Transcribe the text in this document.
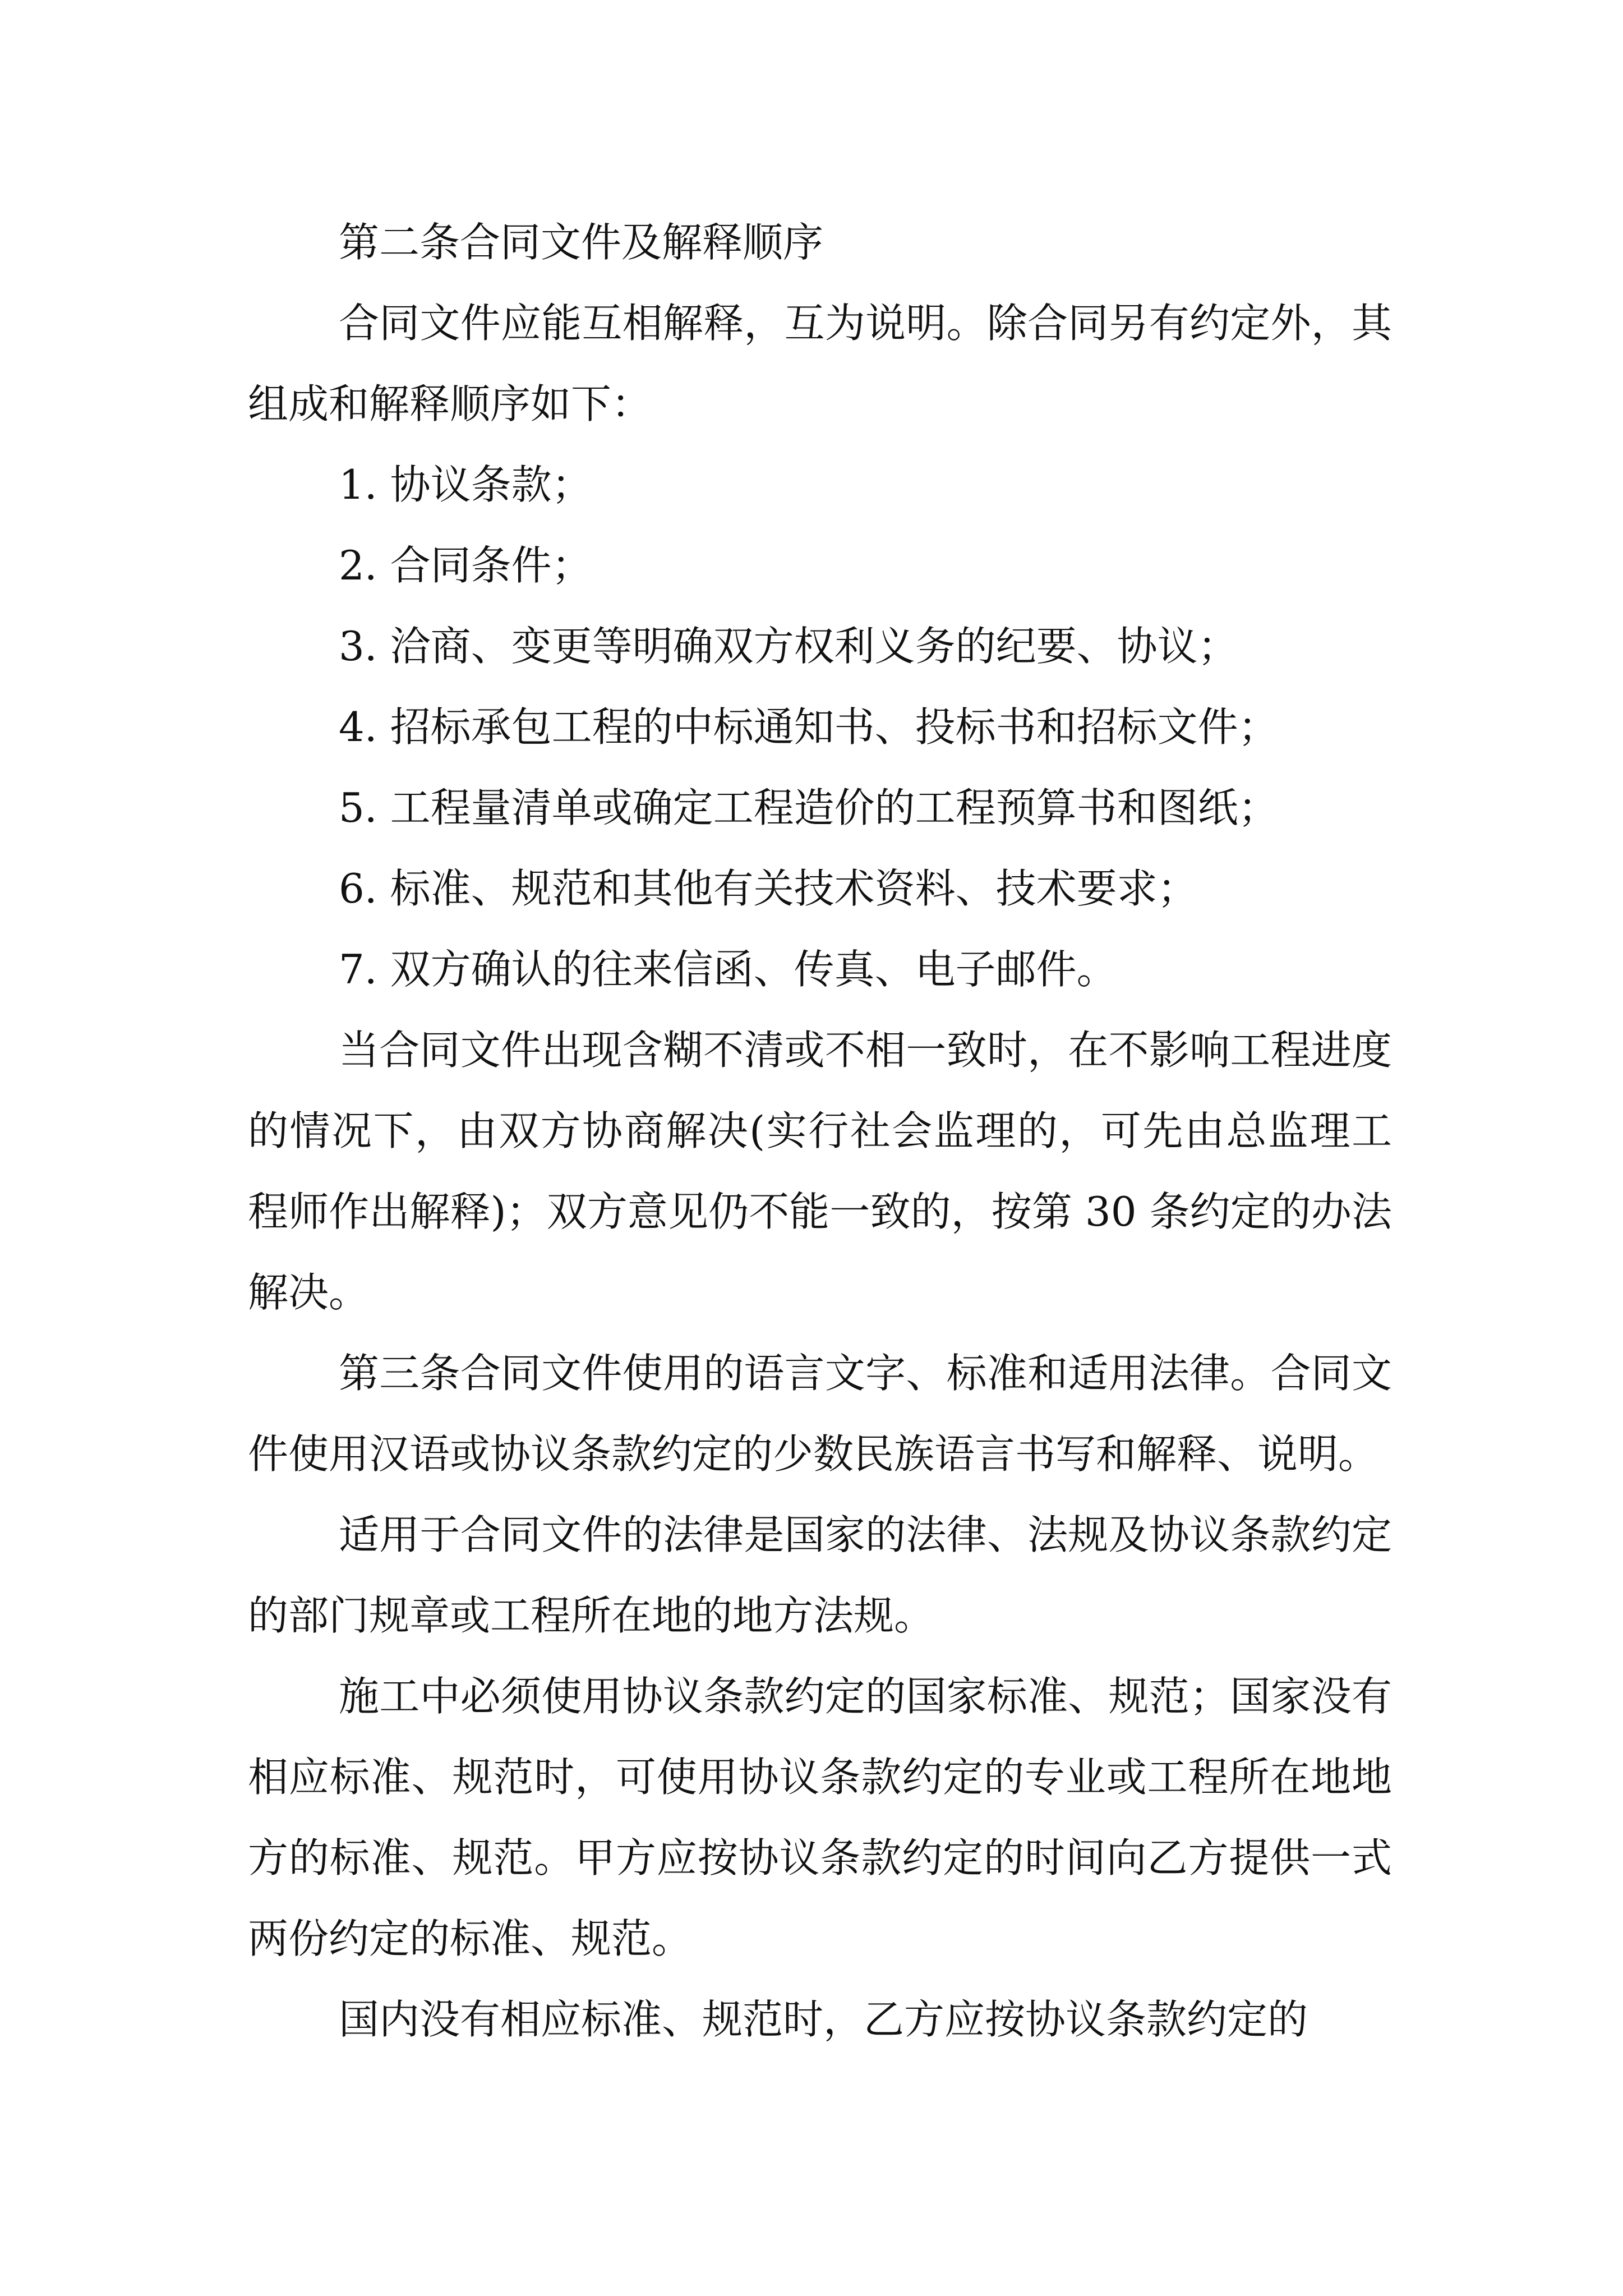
第二条合同文件及解释顺序

合同文件应能互相解释，互为说明。除合同另有约定外，其组成和解释顺序如下：

1. 协议条款；

2. 合同条件；

3. 洽商、变更等明确双方权利义务的纪要、协议；

4. 招标承包工程的中标通知书、投标书和招标文件；

5. 工程量清单或确定工程造价的工程预算书和图纸；

6. 标准、规范和其他有关技术资料、技术要求；

7. 双方确认的往来信函、传真、电子邮件。

当合同文件出现含糊不清或不相一致时，在不影响工程进度的情况下，由双方协商解决(实行社会监理的，可先由总监理工程师作出解释)；双方意见仍不能一致的，按第 30 条约定的办法解决。

第三条合同文件使用的语言文字、标准和适用法律。合同文件使用汉语或协议条款约定的少数民族语言书写和解释、说明。

适用于合同文件的法律是国家的法律、法规及协议条款约定的部门规章或工程所在地的地方法规。

施工中必须使用协议条款约定的国家标准、规范；国家没有相应标准、规范时，可使用协议条款约定的专业或工程所在地地方的标准、规范。甲方应按协议条款约定的时间向乙方提供一式两份约定的标准、规范。

国内没有相应标准、规范时，乙方应按协议条款约定的
